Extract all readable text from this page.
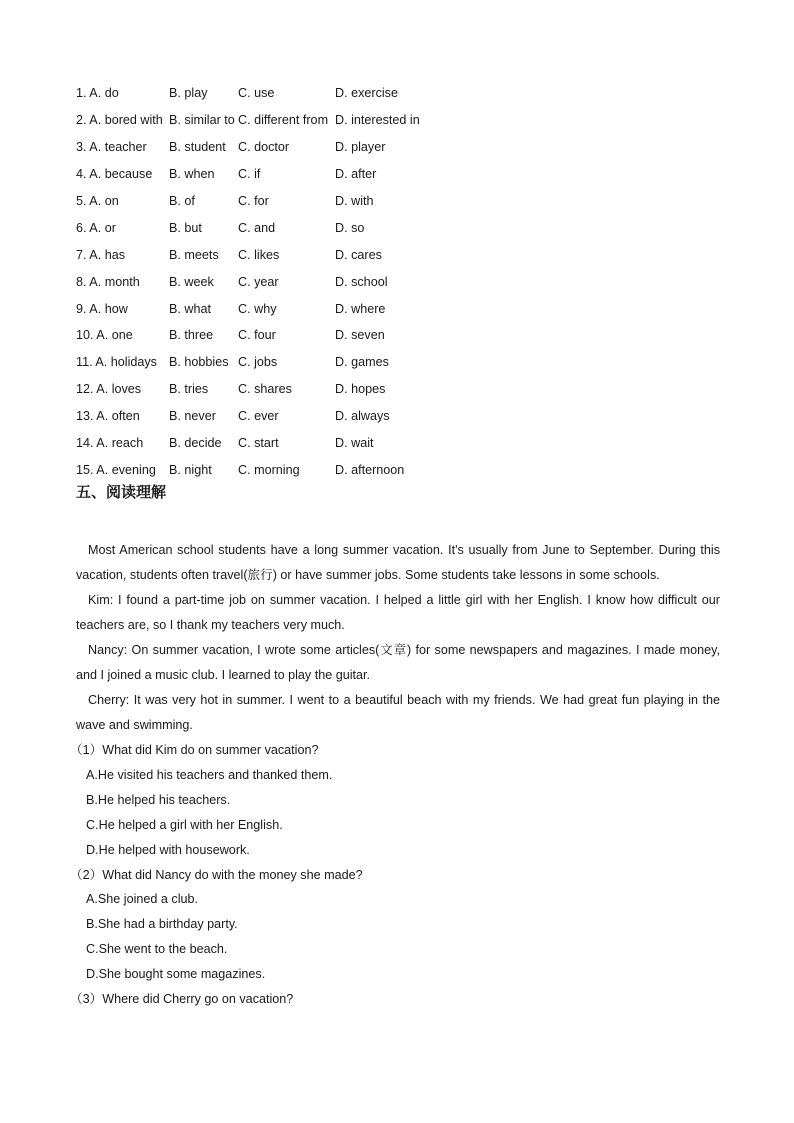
1. A. do	B. play	C. use	D. exercise
2. A. bored with	B. similar to	C. different from	D. interested in
3. A. teacher	B. student	C. doctor	D. player
4. A. because	B. when	C. if	D. after
5. A. on	B. of	C. for	D. with
6. A. or	B. but	C. and	D. so
7. A. has	B. meets	C. likes	D. cares
8. A. month	B. week	C. year	D. school
9. A. how	B. what	C. why	D. where
10. A. one	B. three	C. four	D. seven
11. A. holidays	B. hobbies	C. jobs	D. games
12. A. loves	B. tries	C. shares	D. hopes
13. A. often	B. never	C. ever	D. always
14. A. reach	B. decide	C. start	D. wait
15. A. evening	B. night	C. morning	D. afternoon
五、阅读理解

Most American school students have a long summer vacation. It's usually from June to September. During this vacation, students often travel(旅行) or have summer jobs. Some students take lessons in some schools.

Kim: I found a part-time job on summer vacation. I helped a little girl with her English. I know how difficult our teachers are, so I thank my teachers very much.

Nancy: On summer vacation, I wrote some articles(文章) for some newspapers and magazines. I made money, and I joined a music club. I learned to play the guitar.

Cherry: It was very hot in summer. I went to a beautiful beach with my friends. We had great fun playing in the wave and swimming.

（1）What did Kim do on summer vacation?

A.He visited his teachers and thanked them.

B.He helped his teachers.

C.He helped a girl with her English.

D.He helped with housework.

（2）What did Nancy do with the money she made?

A.She joined a club.

B.She had a birthday party.

C.She went to the beach.

D.She bought some magazines.

（3）Where did Cherry go on vacation?
